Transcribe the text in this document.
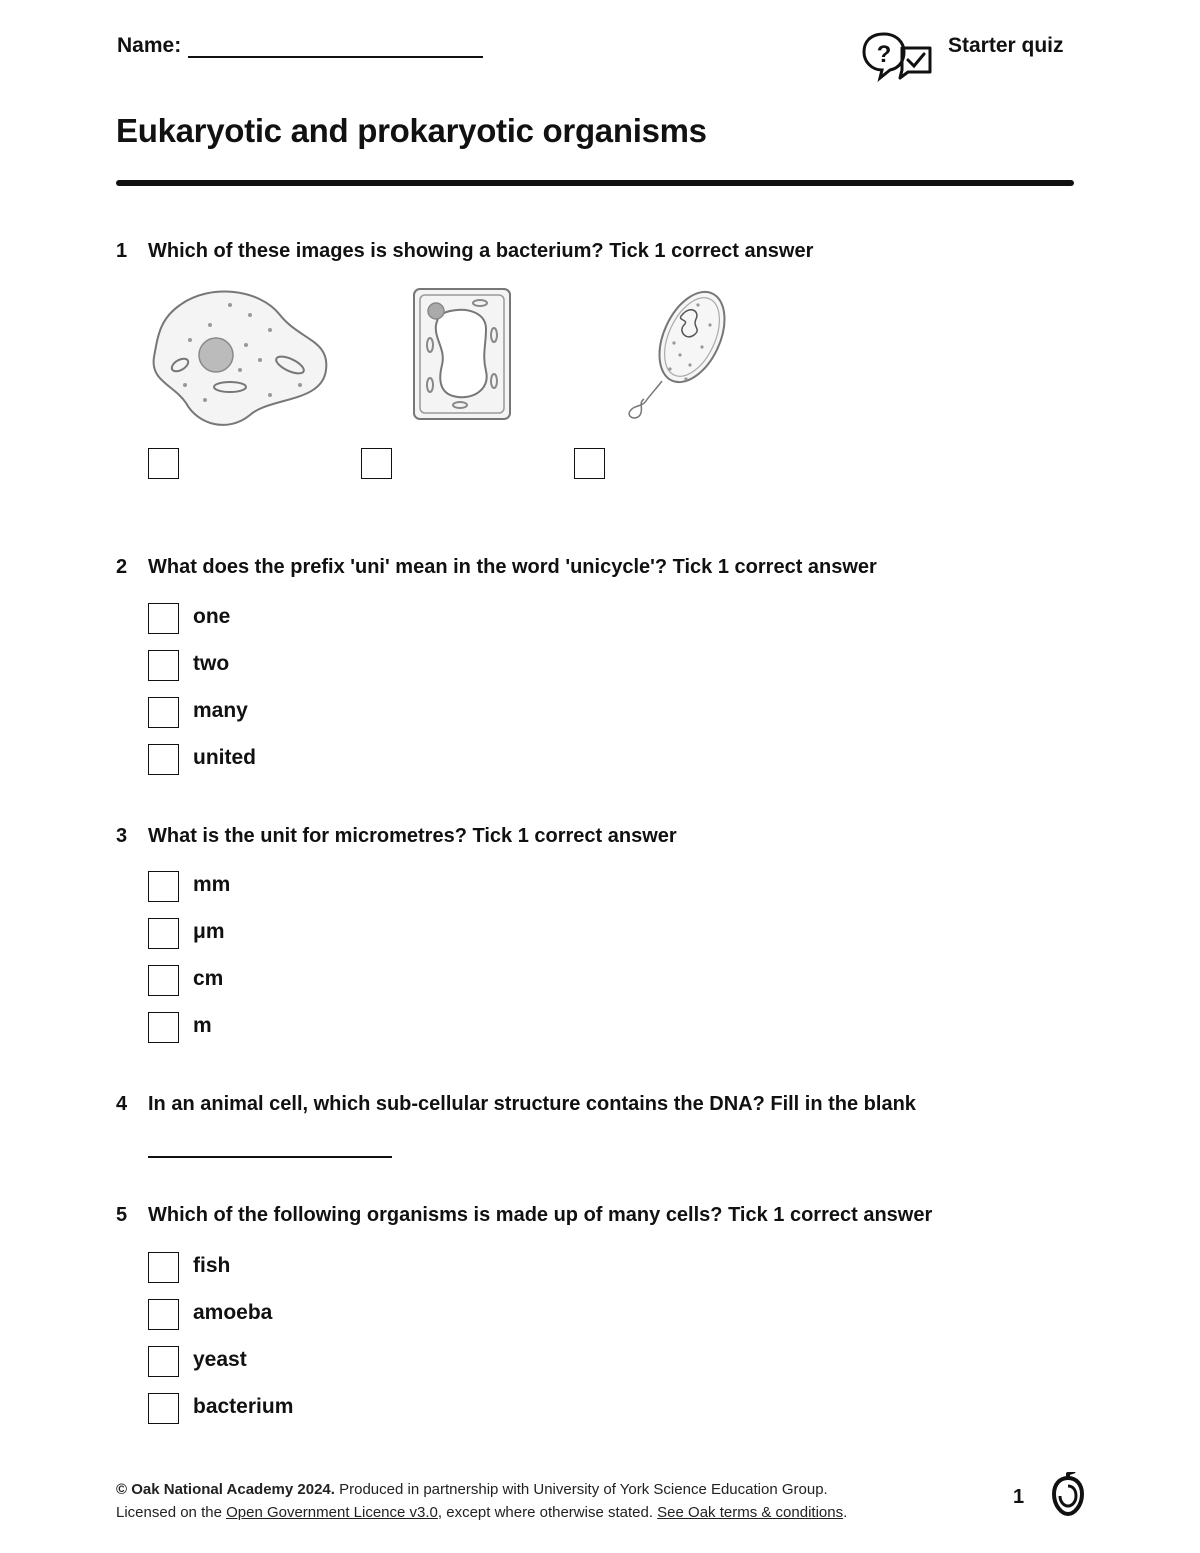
Name:	?	Starter quiz
Eukaryotic and prokaryotic organisms
1 Which of these images is showing a bacterium? Tick 1 correct answer
2 What does the prefix 'uni' mean in the word 'unicycle'? Tick 1 correct answer
one
two
many
united
3 What is the unit for micrometres? Tick 1 correct answer
mm
μm
cm
m
4 In an animal cell, which sub-cellular structure contains the DNA? Fill in the blank
5 Which of the following organisms is made up of many cells? Tick 1 correct answer
fish
amoeba
yeast
bacterium
© Oak National Academy 2024. Produced in partnership with University of York Science Education Group.
Licensed on the Open Government Licence v3.0, except where otherwise stated. See Oak terms & conditions.
1
